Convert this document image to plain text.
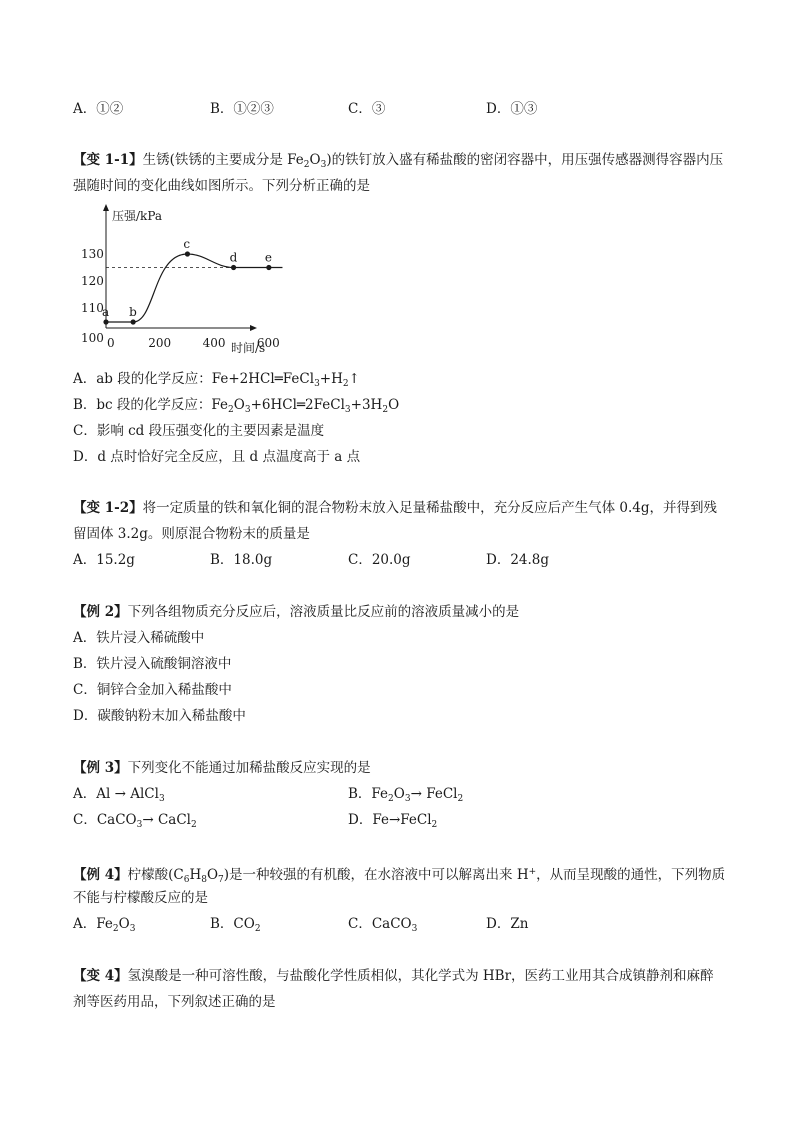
A．①②	B．①②③	C．③	D．①③
【变 1-1】生锈(铁锈的主要成分是 $Fe_2O_3$)的铁钉放入盛有稀盐酸的密闭容器中，用压强传感器测得容器内压
强随时间的变化曲线如图所示。下列分析正确的是
压强/kPa
时间/s
100
110
120
130
0	200	400	600
a b
c
d e
A．ab 段的化学反应：$Fe+2HCl═FeCl_3+H_2↑$
B．bc 段的化学反应：$Fe_2O_3+6HCl═2FeCl_3+3H_2O$
C．影响 cd 段压强变化的主要因素是温度
D．d 点时恰好完全反应，且 d 点温度高于 a 点
【变 1-2】将一定质量的铁和氧化铜的混合物粉末放入足量稀盐酸中，充分反应后产生气体 0.4g，并得到残
留固体 3.2g。则原混合物粉末的质量是
A．15.2g	B．18.0g	C．20.0g	D．24.8g
【例 2】下列各组物质充分反应后，溶液质量比反应前的溶液质量减小的是
A．铁片浸入稀硫酸中
B．铁片浸入硫酸铜溶液中
C．铜锌合金加入稀盐酸中
D．碳酸钠粉末加入稀盐酸中
【例 3】下列变化不能通过加稀盐酸反应实现的是
A．Al → AlCl$_3$	B．$Fe_2O_3\to$ FeCl$_2$
C．CaCO$_3$→ CaCl$_2$	D．Fe→FeCl$_2$
【例 4】柠檬酸$(C_6H_8O_7)$是一种较强的有机酸，在水溶液中可以解离出来 H+，从而呈现酸的通性，下列物质
不能与柠檬酸反应的是
A．$Fe_2O_3$	B．$CO_2$	C．CaCO$_3$	D．Zn
【变 4】氢溴酸是一种可溶性酸，与盐酸化学性质相似，其化学式为 HBr，医药工业用其合成镇静剂和麻醉
剂等医药用品，下列叙述正确的是
